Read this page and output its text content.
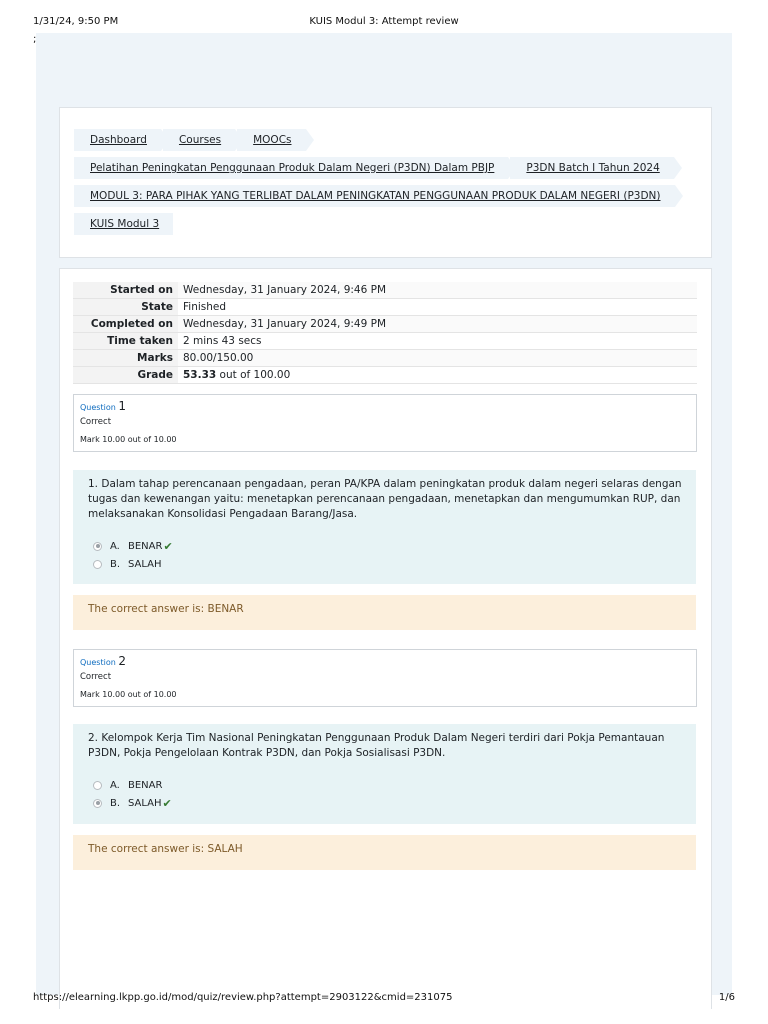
1/31/24, 9:50 PM	KUIS Modul 3: Attempt review
;
Dashboard	Courses	MOOCs
Pelatihan Peningkatan Penggunaan Produk Dalam Negeri (P3DN) Dalam PBJP	P3DN Batch I Tahun 2024
MODUL 3: PARA PIHAK YANG TERLIBAT DALAM PENINGKATAN PENGGUNAAN PRODUK DALAM NEGERI (P3DN)
KUIS Modul 3
Started on	Wednesday, 31 January 2024, 9:46 PM
State	Finished
Completed on	Wednesday, 31 January 2024, 9:49 PM
Time taken	2 mins 43 secs
Marks	80.00/150.00
Grade	53.33 out of 100.00
Question 1
Correct
Mark 10.00 out of 10.00
1. Dalam tahap perencanaan pengadaan, peran PA/KPA dalam peningkatan produk dalam negeri selaras dengan tugas dan kewenangan yaitu: menetapkan perencanaan pengadaan, menetapkan dan mengumumkan RUP, dan melaksanakan Konsolidasi Pengadaan Barang/Jasa.
A. BENAR ✔
B. SALAH
The correct answer is: BENAR
Question 2
Correct
Mark 10.00 out of 10.00
2. Kelompok Kerja Tim Nasional Peningkatan Penggunaan Produk Dalam Negeri terdiri dari Pokja Pemantauan P3DN, Pokja Pengelolaan Kontrak P3DN, dan Pokja Sosialisasi P3DN.
A. BENAR
B. SALAH ✔
The correct answer is: SALAH
https://elearning.lkpp.go.id/mod/quiz/review.php?attempt=2903122&cmid=231075	1/6
